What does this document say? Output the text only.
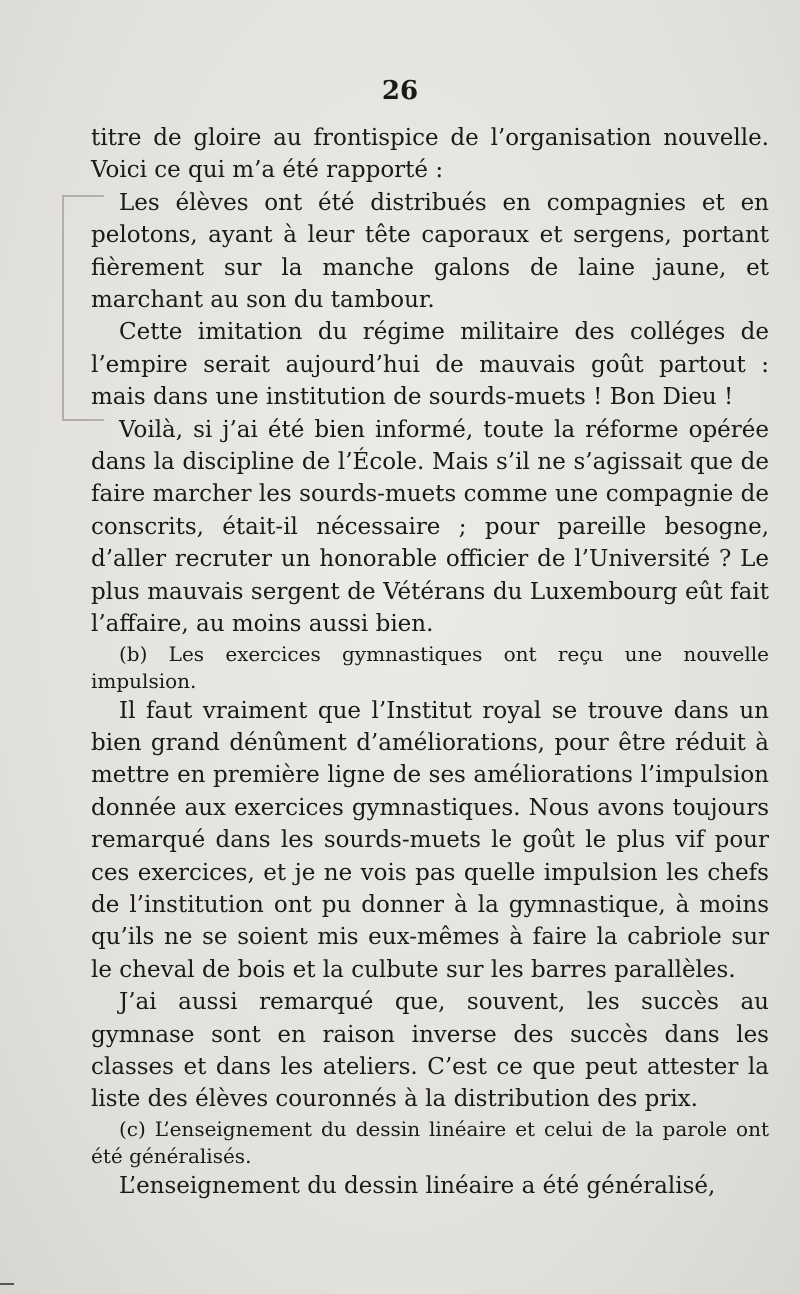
26

titre de gloire au frontispice de l’organisation nouvelle. Voici ce qui m’a été rapporté :

Les élèves ont été distribués en compagnies et en pelotons, ayant à leur tête caporaux et sergens, portant fièrement sur la manche galons de laine jaune, et marchant au son du tambour.

Cette imitation du régime militaire des colléges de l’empire serait aujourd’hui de mauvais goût partout : mais dans une institution de sourds-muets ! Bon Dieu !

Voilà, si j’ai été bien informé, toute la réforme opérée dans la discipline de l’École. Mais s’il ne s’agissait que de faire marcher les sourds-muets comme une compagnie de conscrits, était-il nécessaire ; pour pareille besogne, d’aller recruter un honorable officier de l’Université ? Le plus mauvais sergent de Vétérans du Luxembourg eût fait l’affaire, au moins aussi bien.

(b) Les exercices gymnastiques ont reçu une nouvelle impulsion.

Il faut vraiment que l’Institut royal se trouve dans un bien grand dénûment d’améliorations, pour être réduit à mettre en première ligne de ses améliorations l’impulsion donnée aux exercices gymnastiques. Nous avons toujours remarqué dans les sourds-muets le goût le plus vif pour ces exercices, et je ne vois pas quelle impulsion les chefs de l’institution ont pu donner à la gymnastique, à moins qu’ils ne se soient mis eux-mêmes à faire la cabriole sur le cheval de bois et la culbute sur les barres parallèles.

J’ai aussi remarqué que, souvent, les succès au gymnase sont en raison inverse des succès dans les classes et dans les ateliers. C’est ce que peut attester la liste des élèves couronnés à la distribution des prix.

(c) L’enseignement du dessin linéaire et celui de la parole ont été généralisés.

L’enseignement du dessin linéaire a été généralisé,
